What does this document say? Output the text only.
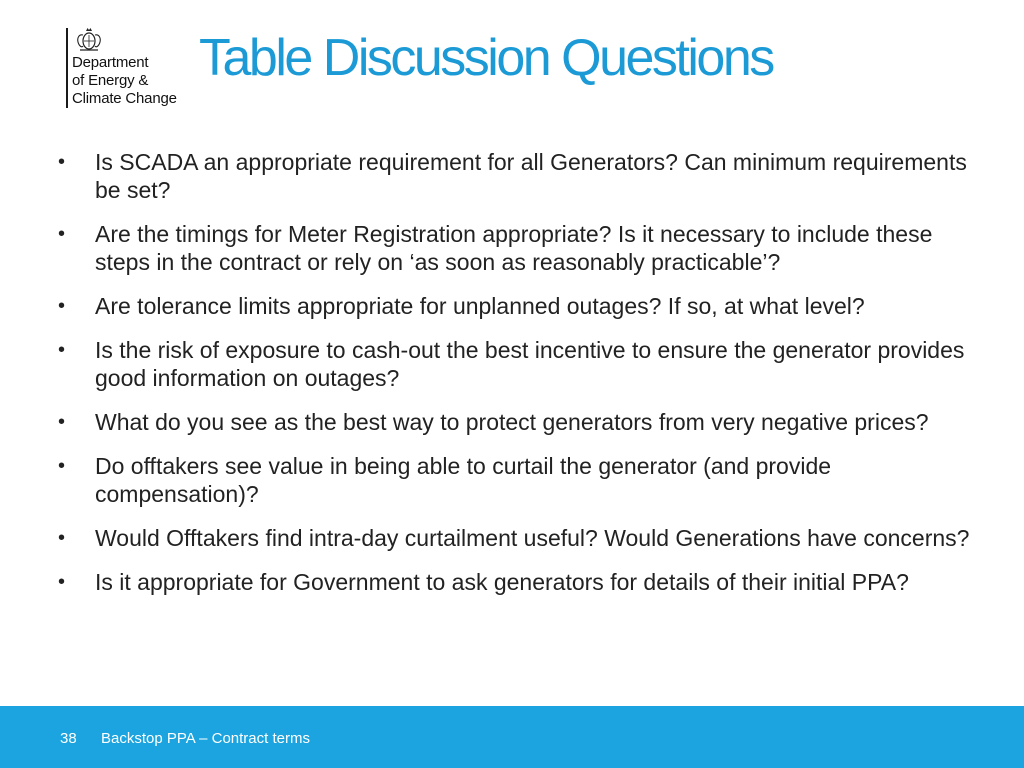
Department
of Energy &
Climate Change
Table Discussion Questions
• Is SCADA an appropriate requirement for all Generators? Can minimum requirements be set?
• Are the timings for Meter Registration appropriate? Is it necessary to include these steps in the contract or rely on ‘as soon as reasonably practicable’?
• Are tolerance limits appropriate for unplanned outages? If so, at what level?
• Is the risk of exposure to cash-out the best incentive to ensure the generator provides good information on outages?
• What do you see as the best way to protect generators from very negative prices?
• Do offtakers see value in being able to curtail the generator (and provide compensation)?
• Would Offtakers find intra-day curtailment useful? Would Generations have concerns?
• Is it appropriate for Government to ask generators for details of their initial PPA?
38 Backstop PPA – Contract terms
